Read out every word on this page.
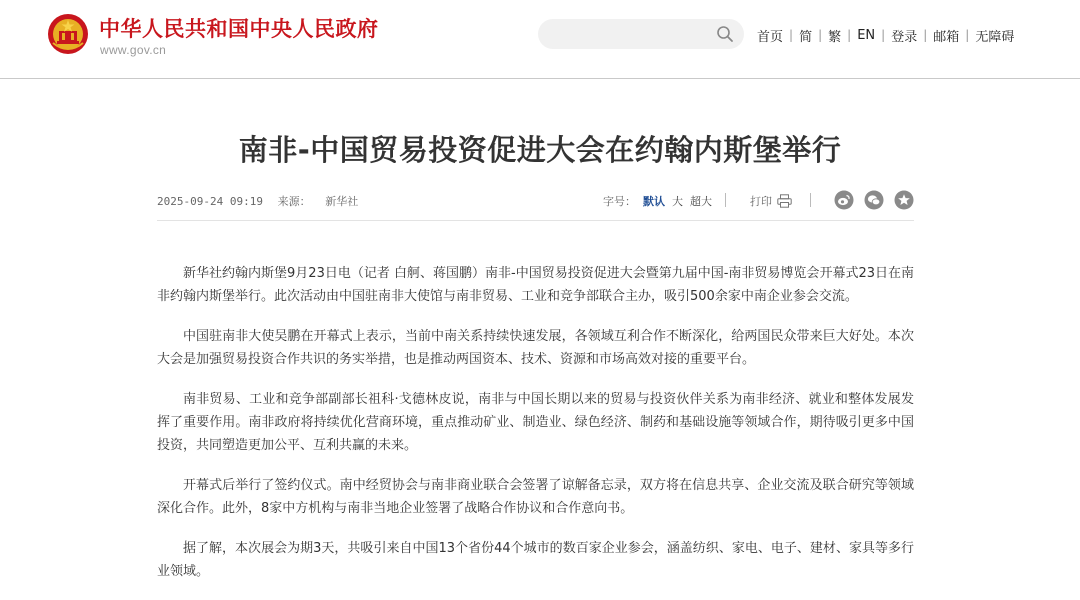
中华人民共和国中央人民政府
www.gov.cn
首页 | 简 | 繁 | EN | 登录 | 邮箱 | 无障碍
南非-中国贸易投资促进大会在约翰内斯堡举行
2025-09-24 09:19 来源： 新华社	字号： 默认 大 超大	打印

新华社约翰内斯堡9月23日电（记者 白舸、蒋国鹏）南非-中国贸易投资促进大会暨第九届中国-南非贸易博览会开幕式23日在南非约翰内斯堡举行。此次活动由中国驻南非大使馆与南非贸易、工业和竞争部联合主办，吸引500余家中南企业参会交流。

中国驻南非大使吴鹏在开幕式上表示，当前中南关系持续快速发展，各领域互利合作不断深化，给两国民众带来巨大好处。本次大会是加强贸易投资合作共识的务实举措，也是推动两国资本、技术、资源和市场高效对接的重要平台。

南非贸易、工业和竞争部副部长祖科·戈德林皮说，南非与中国长期以来的贸易与投资伙伴关系为南非经济、就业和整体发展发挥了重要作用。南非政府将持续优化营商环境，重点推动矿业、制造业、绿色经济、制药和基础设施等领域合作，期待吸引更多中国投资，共同塑造更加公平、互利共赢的未来。

开幕式后举行了签约仪式。南中经贸协会与南非商业联合会签署了谅解备忘录，双方将在信息共享、企业交流及联合研究等领域深化合作。此外，8家中方机构与南非当地企业签署了战略合作协议和合作意向书。

据了解，本次展会为期3天，共吸引来自中国13个省份44个城市的数百家企业参会，涵盖纺织、家电、电子、建材、家具等多行业领域。
